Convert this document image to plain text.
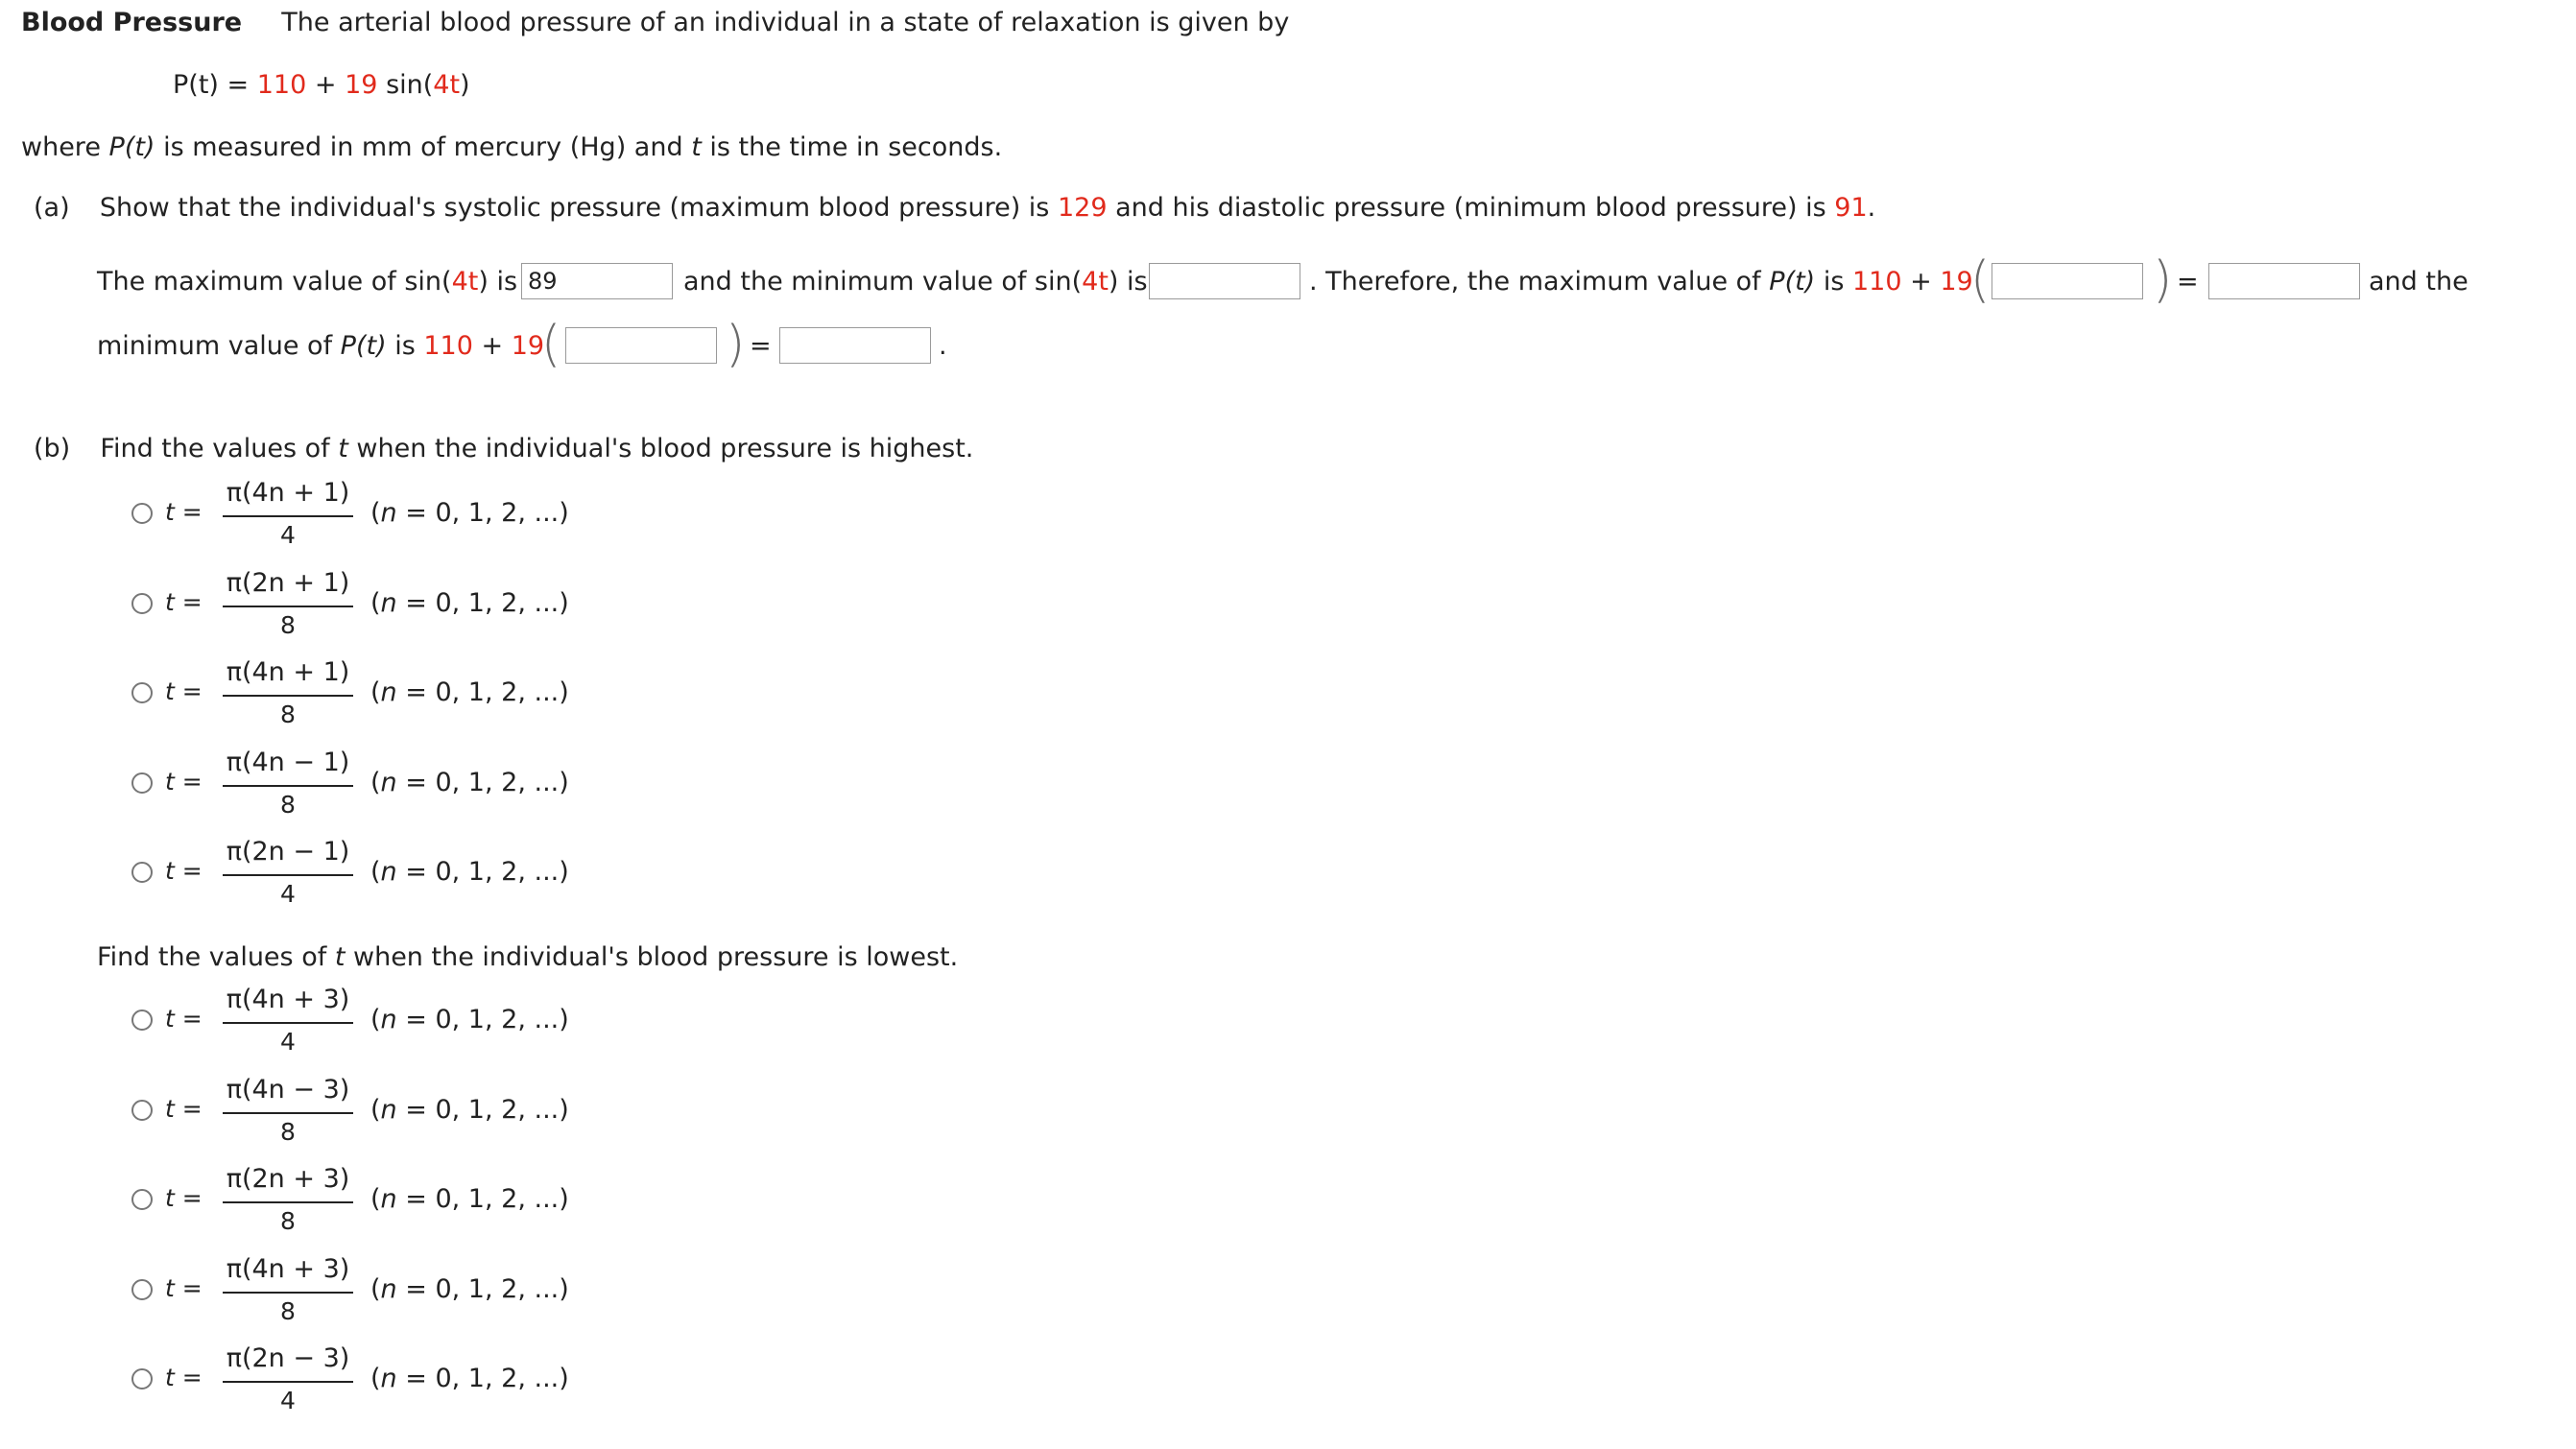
Blood Pressure The arterial blood pressure of an individual in a state of relaxation is given by
P(t) = 110 + 19 sin(4t)
where P(t) is measured in mm of mercury (Hg) and t is the time in seconds.
(a) Show that the individual's systolic pressure (maximum blood pressure) is 129 and his diastolic pressure (minimum blood pressure) is 91.
The maximum value of sin(4t) is
89	and the minimum value of sin(4t) is	. Therefore, the maximum value of P(t) is 110 + 19
(	) =	and the
minimum value of P(t) is 110 + 19
(	) =	.
(b) Find the values of t when the individual's blood pressure is highest.
t =
π(4n + 1)
4
(n = 0, 1, 2, ...)
t =
π(2n + 1)
8
(n = 0, 1, 2, ...)
t =
π(4n + 1)
8
(n = 0, 1, 2, ...)
t =
π(4n − 1)
8
(n = 0, 1, 2, ...)
t =
π(2n − 1)
4
(n = 0, 1, 2, ...)
Find the values of t when the individual's blood pressure is lowest.
t =
π(4n + 3)
4
(n = 0, 1, 2, ...)
t =
π(4n − 3)
8
(n = 0, 1, 2, ...)
t =
π(2n + 3)
8
(n = 0, 1, 2, ...)
t =
π(4n + 3)
8
(n = 0, 1, 2, ...)
t =
π(2n − 3)
4
(n = 0, 1, 2, ...)
